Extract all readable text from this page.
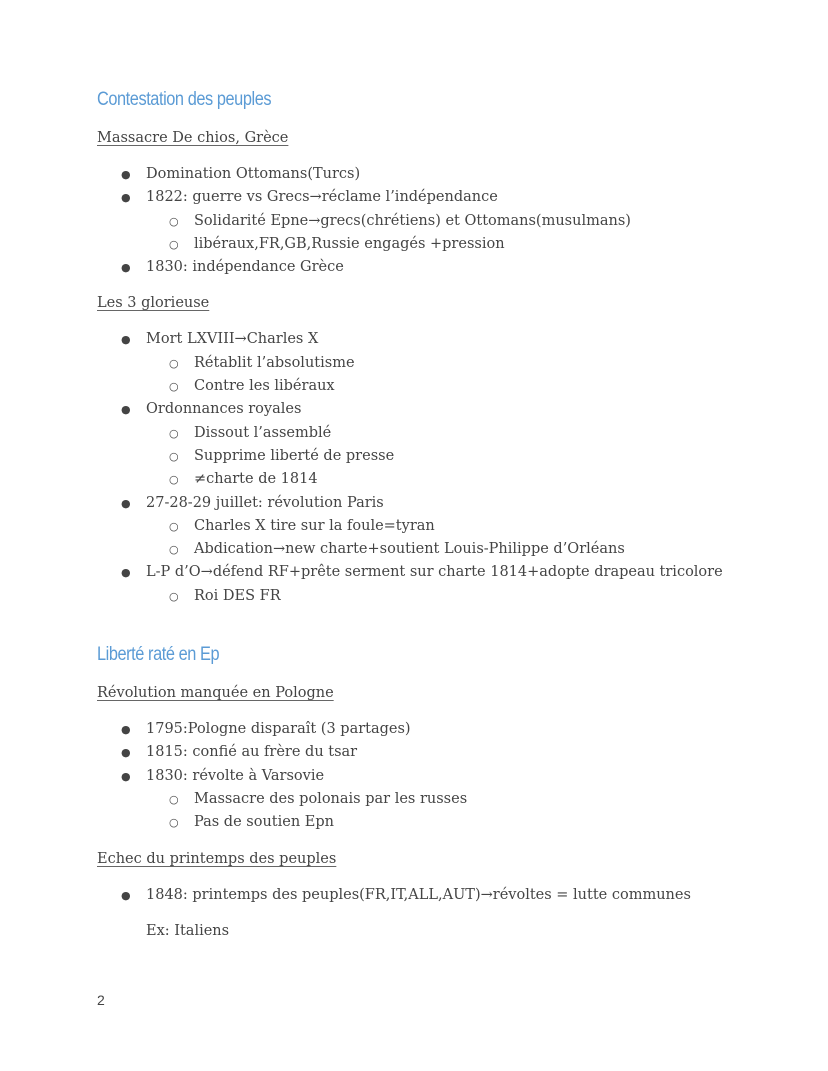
Contestation des peuples

Massacre De chios, Grèce

● Domination Ottomans(Turcs)
● 1822: guerre vs Grecs→réclame l’indépendance
○ Solidarité Epne→grecs(chrétiens) et Ottomans(musulmans)
○ libéraux,FR,GB,Russie engagés +pression
● 1830: indépendance Grèce

Les 3 glorieuse

● Mort LXVIII→Charles X
○ Rétablit l’absolutisme
○ Contre les libéraux
● Ordonnances royales
○ Dissout l’assemblé
○ Supprime liberté de presse
○ ≠charte de 1814
● 27-28-29 juillet: révolution Paris
○ Charles X tire sur la foule=tyran
○ Abdication→new charte+soutient Louis-Philippe d’Orléans
● L-P d’O→défend RF+prête serment sur charte 1814+adopte drapeau tricolore
○ Roi DES FR
Liberté raté en Ep

Révolution manquée en Pologne

● 1795:Pologne disparaît (3 partages)
● 1815: confié au frère du tsar
● 1830: révolte à Varsovie
○ Massacre des polonais par les russes
○ Pas de soutien Epn

Echec du printemps des peuples

● 1848: printemps des peuples(FR,IT,ALL,AUT)→révoltes = lutte communes

Ex: Italiens

2
